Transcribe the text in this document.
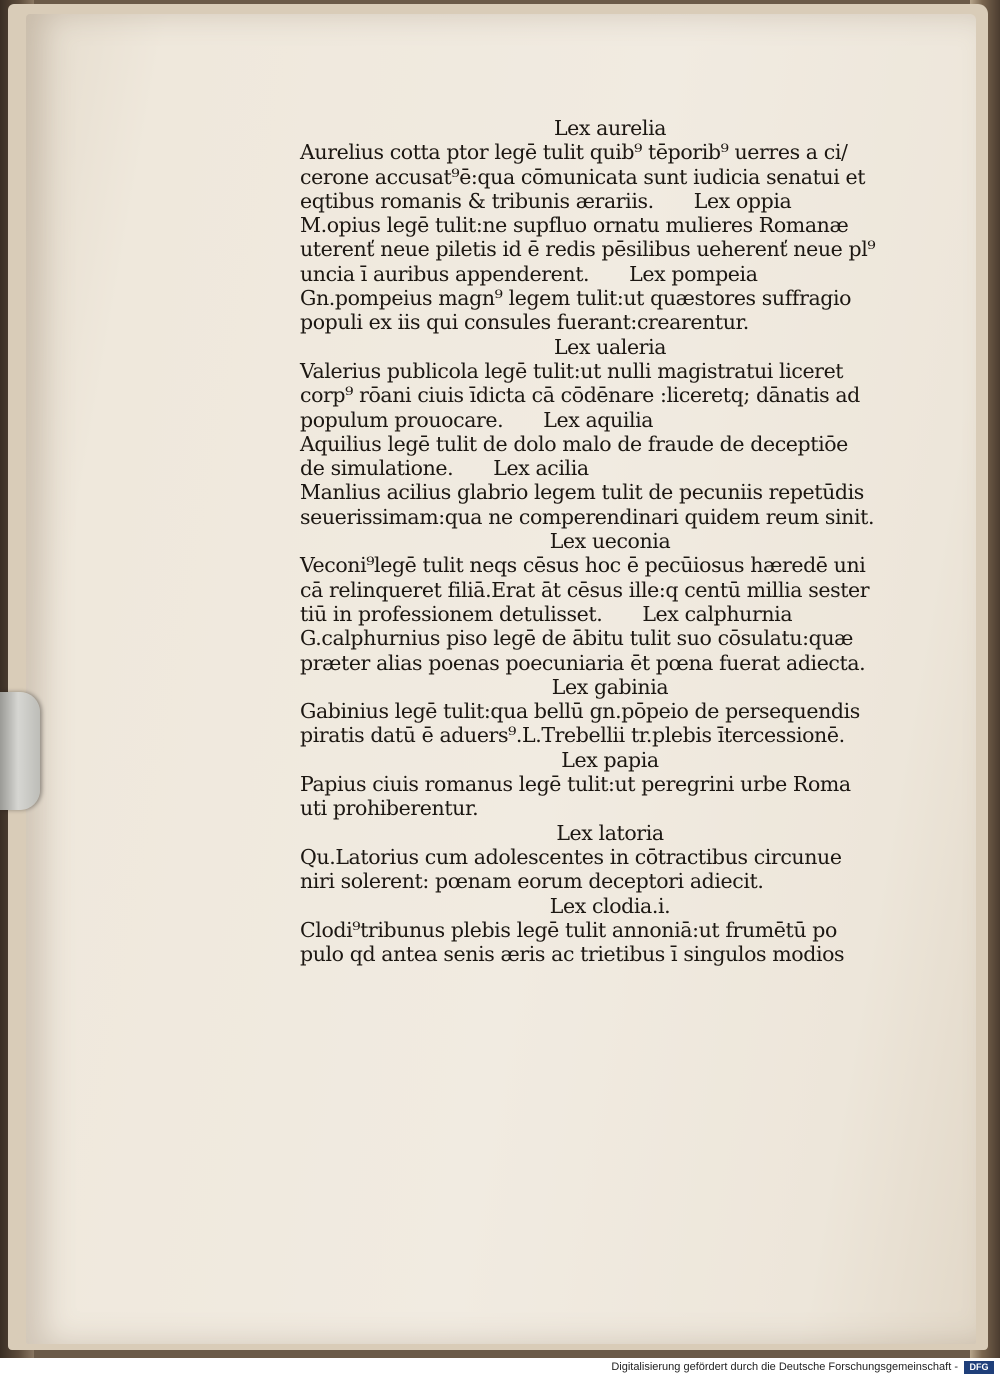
Lex aurelia
Aurelius cotta ptor legē tulit quib⁹ tēporib⁹ uerres a ci/
cerone accusat⁹ē:qua cōmunicata sunt iudicia senatui et
eqtibus romanis & tribunis ærariis. Lex oppia
M.opius legē tulit:ne supfluo ornatu mulieres Romanæ
uterenť neue piletis id ē redis pēsilibus ueherenť neue pl⁹
uncia ī auribus appenderent. Lex pompeia
Gn.pompeius magn⁹ legem tulit:ut quæstores suffragio
populi ex iis qui consules fuerant:crearentur.
Lex ualeria
Valerius publicola legē tulit:ut nulli magistratui liceret
corp⁹ rōani ciuis īdicta cā cōdēnare :liceretq; dānatis ad
populum prouocare. Lex aquilia
Aquilius legē tulit de dolo malo de fraude de deceptiōe
de simulatione. Lex acilia
Manlius acilius glabrio legem tulit de pecuniis repetūdis
seuerissimam:qua ne comperendinari quidem reum sinit.
Lex ueconia
Veconi⁹legē tulit neqs cēsus hoc ē pecūiosus hæredē uni
cā relinqueret filiā.Erat āt cēsus ille:q centū millia sester
tiū in professionem detulisset. Lex calphurnia
G.calphurnius piso legē de ābitu tulit suo cōsulatu:quæ
præter alias poenas poecuniaria ēt pœna fuerat adiecta.
Lex gabinia
Gabinius legē tulit:qua bellū gn.pōpeio de persequendis
piratis datū ē aduers⁹.L.Trebellii tr.plebis ītercessionē.
Lex papia
Papius ciuis romanus legē tulit:ut peregrini urbe Roma
uti prohiberentur.
Lex latoria
Qu.Latorius cum adolescentes in cōtractibus circunue
niri solerent: pœnam eorum deceptori adiecit.
Lex clodia.i.
Clodi⁹tribunus plebis legē tulit annoniā:ut frumētū po
pulo qd antea senis æris ac trietibus ī singulos modios
Digitalisierung gefördert durch die Deutsche Forschungsgemeinschaft - DFG
